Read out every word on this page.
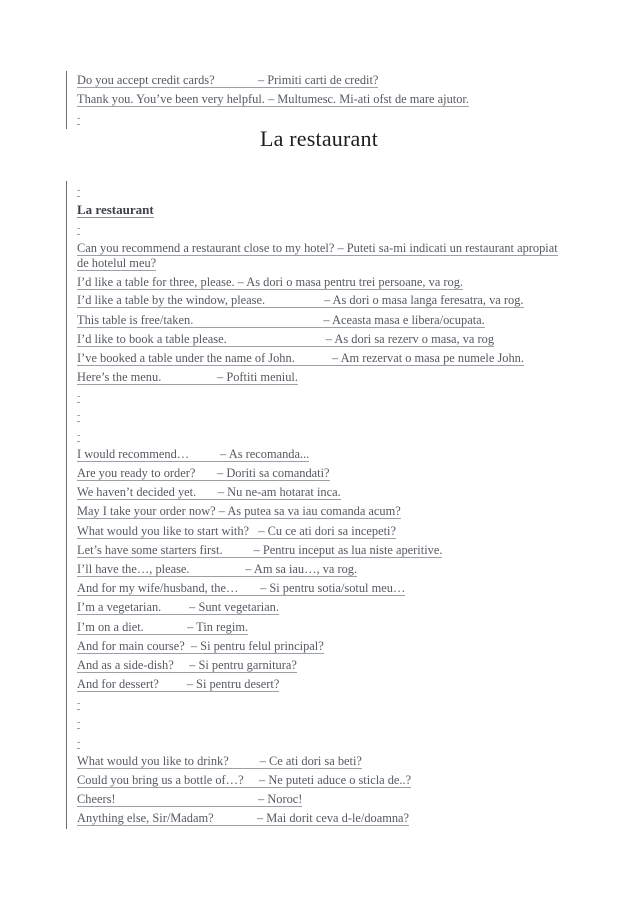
Do you accept credit cards?              – Primiti carti de credit?
Thank you. You’ve been very helpful. – Multumesc. Mi-ati ofst de mare ajutor.
-
La restaurant
-
La restaurant
-
Can you recommend a restaurant close to my hotel? – Puteti sa-mi indicati un restaurant apropiat de hotelul meu?
I’d like a table for three, please. – As dori o masa pentru trei persoane, va rog.
I’d like a table by the window, please.                   – As dori o masa langa feresatra, va rog.
This table is free/taken.                                          – Aceasta masa e libera/ocupata.
I’d like to book a table please.                                – As dori sa rezerv o masa, va rog
I’ve booked a table under the name of John.            – Am rezervat o masa pe numele John.
Here’s the menu.                  – Poftiti meniul.
-
-
-
I would recommend…          – As recomanda...
Are you ready to order?       – Doriti sa comandati?
We haven’t decided yet.       – Nu ne-am hotarat inca.
May I take your order now? – As putea sa va iau comanda acum?
What would you like to start with?   – Cu ce ati dori sa incepeti?
Let’s have some starters first.          – Pentru inceput as lua niste aperitive.
I’ll have the…, please.                  – Am sa iau…, va rog.
And for my wife/husband, the…       – Si pentru sotia/sotul meu…
I’m a vegetarian.         – Sunt vegetarian.
I’m on a diet.              – Tin regim.
And for main course?  – Si pentru felul principal?
And as a side-dish?     – Si pentru garnitura?
And for dessert?         – Si pentru desert?
-
-
-
What would you like to drink?          – Ce ati dori sa beti?
Could you bring us a bottle of…?     – Ne puteti aduce o sticla de..?
Cheers!                                              – Noroc!
Anything else, Sir/Madam?              – Mai dorit ceva d-le/doamna?
